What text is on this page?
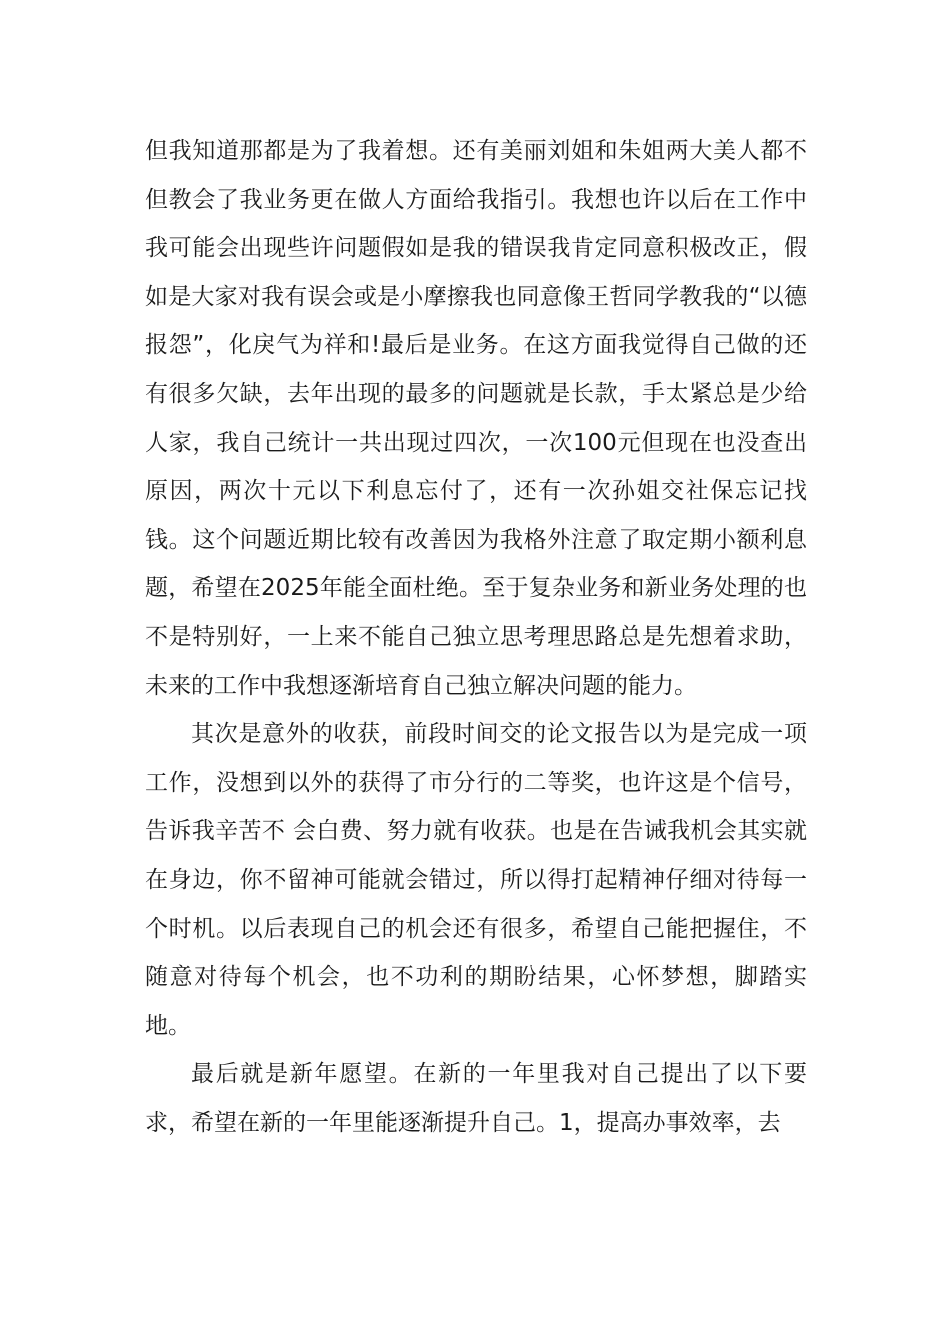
但我知道那都是为了我着想。还有美丽刘姐和朱姐两大美人都不但教会了我业务更在做人方面给我指引。我想也许以后在工作中我可能会出现些许问题假如是我的错误我肯定同意积极改正，假如是大家对我有误会或是小摩擦我也同意像王哲同学教我的“以德报怨”，化戾气为祥和!最后是业务。在这方面我觉得自己做的还有很多欠缺，去年出现的最多的问题就是长款，手太紧总是少给人家，我自己统计一共出现过四次，一次100元但现在也没查出原因，两次十元以下利息忘付了，还有一次孙姐交社保忘记找钱。这个问题近期比较有改善因为我格外注意了取定期小额利息题，希望在2025年能全面杜绝。至于复杂业务和新业务处理的也不是特别好，一上来不能自己独立思考理思路总是先想着求助，未来的工作中我想逐渐培育自己独立解决问题的能力。

其次是意外的收获，前段时间交的论文报告以为是完成一项工作，没想到以外的获得了市分行的二等奖，也许这是个信号，告诉我辛苦不 会白费、努力就有收获。也是在告诫我机会其实就在身边，你不留神可能就会错过，所以得打起精神仔细对待每一个时机。以后表现自己的机会还有很多，希望自己能把握住，不随意对待每个机会，也不功利的期盼结果，心怀梦想，脚踏实地。

最后就是新年愿望。在新的一年里我对自己提出了以下要求，希望在新的一年里能逐渐提升自己。1，提高办事效率，去
